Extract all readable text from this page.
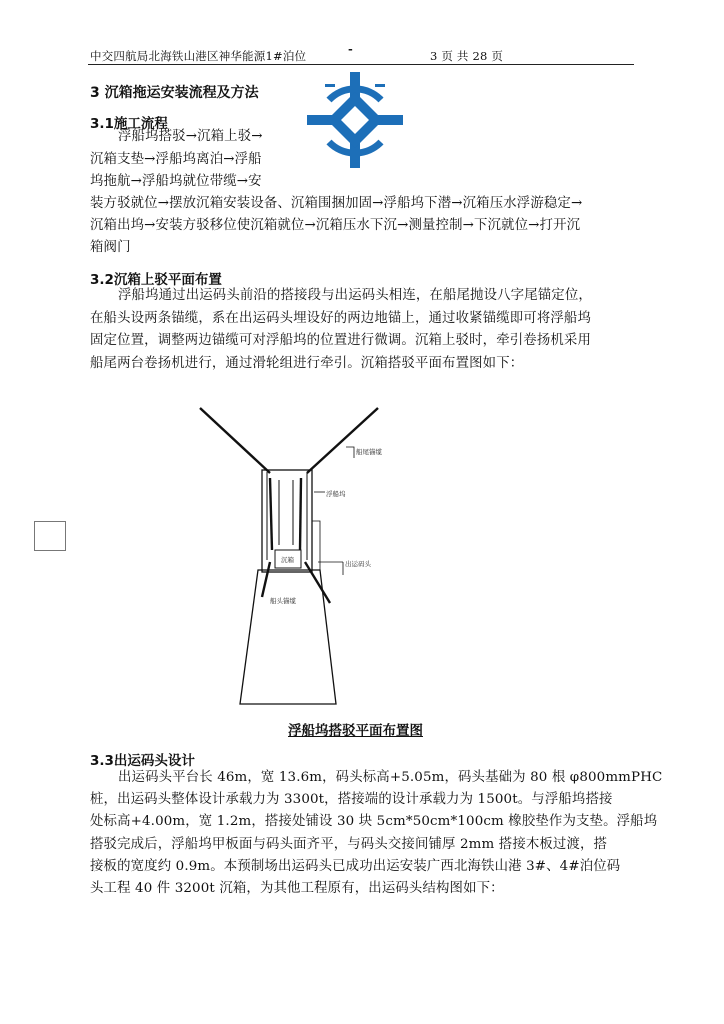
中交四航局北海铁山港区神华能源1#泊位	-	3 页 共 28 页
3 沉箱拖运安装流程及方法
3.1施工流程
浮船坞搭驳→沉箱上驳→
沉箱支垫→浮船坞离泊→浮船
坞拖航→浮船坞就位带缆→安
装方驳就位→摆放沉箱安装设备、沉箱围捆加固→浮船坞下潜→沉箱压水浮游稳定→
沉箱出坞→安装方驳移位使沉箱就位→沉箱压水下沉→测量控制→下沉就位→打开沉
箱阀门
3.2沉箱上驳平面布置
浮船坞通过出运码头前沿的搭接段与出运码头相连，在船尾抛设八字尾锚定位，
在船头设两条锚缆，系在出运码头埋设好的两边地锚上，通过收紧锚缆即可将浮船坞
固定位置，调整两边锚缆可对浮船坞的位置进行微调。沉箱上驳时，牵引卷扬机采用
船尾两台卷扬机进行，通过滑轮组进行牵引。沉箱搭驳平面布置图如下：
船尾锚缆
浮船坞
沉箱	出运码头
船头锚缆
浮船坞搭驳平面布置图
3.3出运码头设计
出运码头平台长 46m，宽 13.6m，码头标高+5.05m，码头基础为 80 根 φ800mmPHC
桩，出运码头整体设计承载力为 3300t，搭接端的设计承载力为 1500t。与浮船坞搭接
处标高+4.00m，宽 1.2m，搭接处铺设 30 块 5cm*50cm*100cm 橡胶垫作为支垫。浮船坞
搭驳完成后，浮船坞甲板面与码头面齐平，与码头交接间铺厚 2mm 搭接木板过渡，搭
接板的宽度约 0.9m。本预制场出运码头已成功出运安装广西北海铁山港 3#、4#泊位码
头工程 40 件 3200t 沉箱，为其他工程原有，出运码头结构图如下：
